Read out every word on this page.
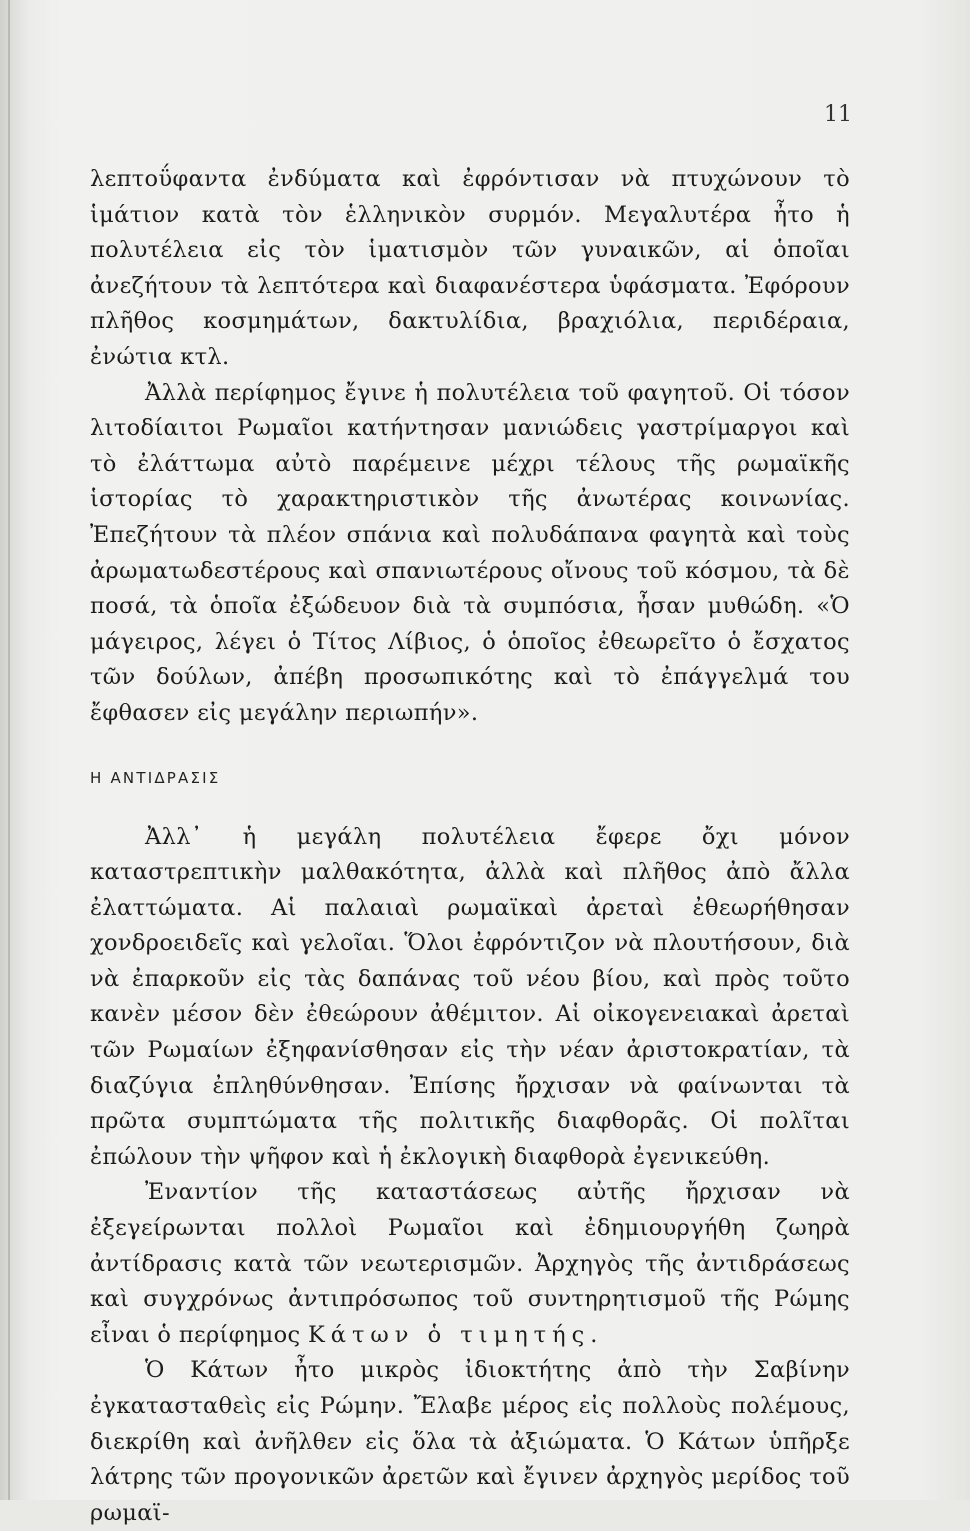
11

λεπτοΰφαντα ἐνδύματα καὶ ἐφρόντισαν νὰ πτυχώνουν τὸ ἱμάτιον κατὰ τὸν ἑλληνικὸν συρμόν. Μεγαλυτέρα ἦτο ἡ πολυτέλεια εἰς τὸν ἱματισμὸν τῶν γυναικῶν, αἱ ὁποῖαι ἀνεζήτουν τὰ λεπτότερα καὶ διαφανέστερα ὑφάσματα. Ἐφόρουν πλῆθος κοσμημάτων, δακτυλίδια, βραχιόλια, περιδέραια, ἐνώτια κτλ.

Ἀλλὰ περίφημος ἔγινε ἡ πολυτέλεια τοῦ φαγητοῦ. Οἱ τόσον λιτοδίαιτοι Ρωμαῖοι κατήντησαν μανιώδεις γαστρίμαργοι καὶ τὸ ἐλάττωμα αὐτὸ παρέμεινε μέχρι τέλους τῆς ρωμαϊκῆς ἱστορίας τὸ χαρακτηριστικὸν τῆς ἀνωτέρας κοινωνίας. Ἐπεζήτουν τὰ πλέον σπάνια καὶ πολυδάπανα φαγητὰ καὶ τοὺς ἀρωματωδεστέρους καὶ σπανιωτέρους οἴνους τοῦ κόσμου, τὰ δὲ ποσά, τὰ ὁποῖα ἐξώδευον διὰ τὰ συμπόσια, ἦσαν μυθώδη. «Ὁ μάγειρος, λέγει ὁ Τίτος Λίβιος, ὁ ὁποῖος ἐθεωρεῖτο ὁ ἔσχατος τῶν δούλων, ἀπέβη προσωπικότης καὶ τὸ ἐπάγγελμά του ἔφθασεν εἰς μεγάλην περιωπήν».

Η ΑΝΤΙΔΡΑΣΙΣ

Ἀλλ᾽ ἡ μεγάλη πολυτέλεια ἔφερε ὄχι μόνον καταστρεπτικὴν μαλθακότητα, ἀλλὰ καὶ πλῆθος ἀπὸ ἄλλα ἐλαττώματα. Αἱ παλαιαὶ ρωμαϊκαὶ ἀρεταὶ ἐθεωρήθησαν χονδροειδεῖς καὶ γελοῖαι. Ὅλοι ἐφρόντιζον νὰ πλουτήσουν, διὰ νὰ ἐπαρκοῦν εἰς τὰς δαπάνας τοῦ νέου βίου, καὶ πρὸς τοῦτο κανὲν μέσον δὲν ἐθεώρουν ἀθέμιτον. Αἱ οἰκογενειακαὶ ἀρεταὶ τῶν Ρωμαίων ἐξηφανίσθησαν εἰς τὴν νέαν ἀριστοκρατίαν, τὰ διαζύγια ἐπληθύνθησαν. Ἐπίσης ἤρχισαν νὰ φαίνωνται τὰ πρῶτα συμπτώματα τῆς πολιτικῆς διαφθορᾶς. Οἱ πολῖται ἐπώλουν τὴν ψῆφον καὶ ἡ ἐκλογικὴ διαφθορὰ ἐγενικεύθη.

Ἐναντίον τῆς καταστάσεως αὐτῆς ἤρχισαν νὰ ἐξεγείρωνται πολλοὶ Ρωμαῖοι καὶ ἐδημιουργήθη ζωηρὰ ἀντίδρασις κατὰ τῶν νεωτερισμῶν. Ἀρχηγὸς τῆς ἀντιδράσεως καὶ συγχρόνως ἀντιπρόσωπος τοῦ συντηρητισμοῦ τῆς Ρώμης εἶναι ὁ περίφημος Κάτων ὁ τιμητής.

Ὁ Κάτων ἦτο μικρὸς ἰδιοκτήτης ἀπὸ τὴν Σαβίνην ἐγκατασταθεὶς εἰς Ρώμην. Ἔλαβε μέρος εἰς πολλοὺς πολέμους, διεκρίθη καὶ ἀνῆλθεν εἰς ὅλα τὰ ἀξιώματα. Ὁ Κάτων ὑπῆρξε λάτρης τῶν προγονικῶν ἀρετῶν καὶ ἔγινεν ἀρχηγὸς μερίδος τοῦ ρωμαϊ-
